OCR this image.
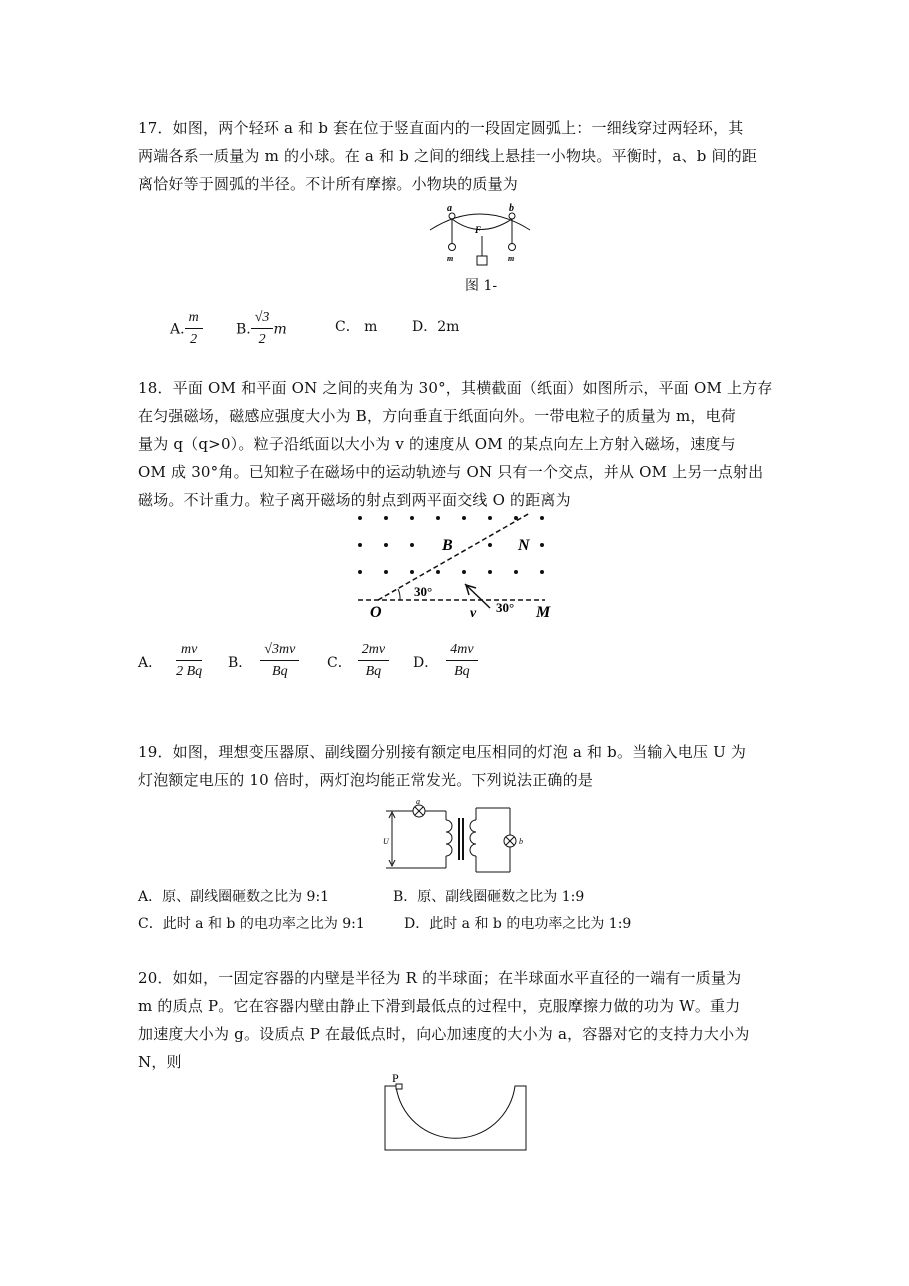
17．如图，两个轻环 a 和 b 套在位于竖直面内的一段固定圆弧上：一细线穿过两轻环，其
两端各系一质量为 m 的小球。在 a 和 b 之间的细线上悬挂一小物块。平衡时，a、b 间的距
离恰好等于圆弧的半径。不计所有摩擦。小物块的质量为
a	b
F
m	m
图 1-
A. $\frac{m}{2} B$. $\frac{√3}{2}$ m	C． m D．2m
18．平面 OM 和平面 ON 之间的夹角为 30°，其横截面（纸面）如图所示，平面 OM 上方存
在匀强磁场，磁感应强度大小为 B，方向垂直于纸面向外。一带电粒子的质量为 m，电荷
量为 q（q>0）。粒子沿纸面以大小为 v 的速度从 OM 的某点向左上方射入磁场，速度与
OM 成 30°角。已知粒子在磁场中的运动轨迹与 ON 只有一个交点，并从 OM 上另一点射出
磁场。不计重力。粒子离开磁场的射点到两平面交线 O 的距离为
B	N
30°
O	v 30° M
A． $\frac{mv}{2 Bq}$ B． $\frac{√3mv}{Bq}$ C． $\frac{2mv}{Bq}$ D． $\frac{4mv}{Bq}$
19．如图，理想变压器原、副线圈分别接有额定电压相同的灯泡 a 和 b。当输入电压 U 为
灯泡额定电压的 10 倍时，两灯泡均能正常发光。下列说法正确的是
a
b
U
A．原、副线圈砸数之比为 9:1	B．原、副线圈砸数之比为 1:9
C．此时 a 和 b 的电功率之比为 9:1	D．此时 a 和 b 的电功率之比为 1:9
20．如如，一固定容器的内壁是半径为 R 的半球面；在半球面水平直径的一端有一质量为
m 的质点 P。它在容器内壁由静止下滑到最低点的过程中，克服摩擦力做的功为 W。重力
加速度大小为 g。设质点 P 在最低点时，向心加速度的大小为 a，容器对它的支持力大小为
N，则
P
